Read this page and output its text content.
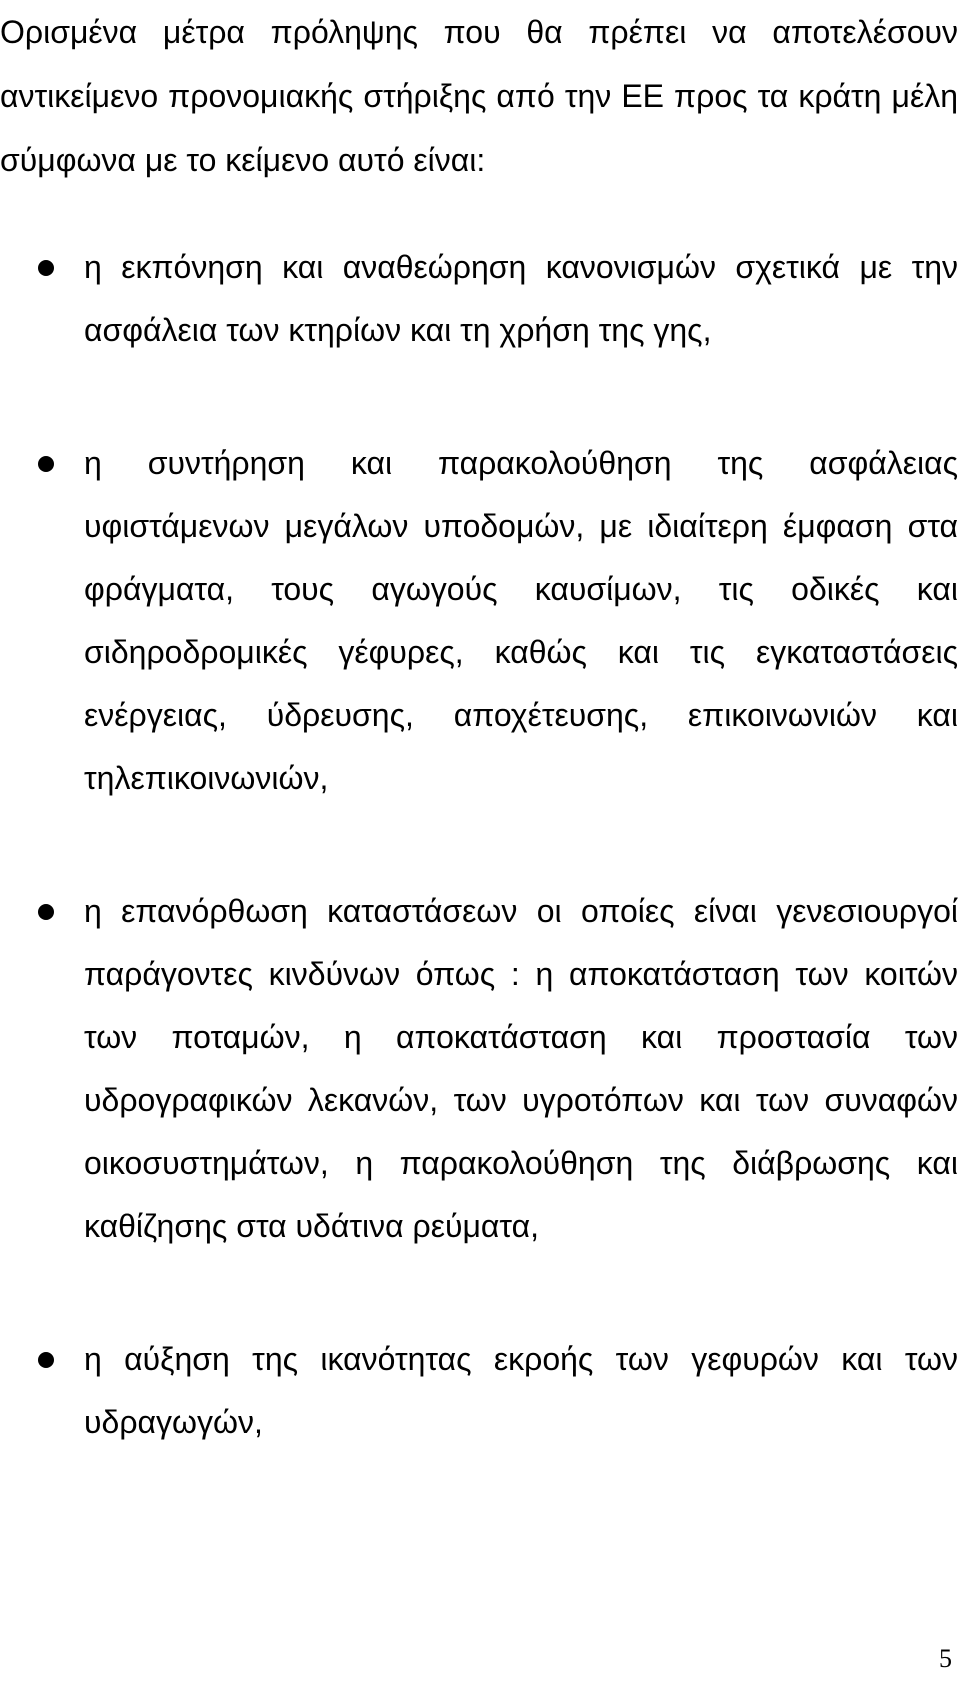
Ορισμένα μέτρα πρόληψης που θα πρέπει να αποτελέσουν αντικείμενο προνομιακής στήριξης από την ΕΕ προς τα κράτη μέλη σύμφωνα με το κείμενο αυτό είναι:

η εκπόνηση και αναθεώρηση κανονισμών σχετικά με την ασφάλεια των κτηρίων και τη χρήση της γης,
η συντήρηση και παρακολούθηση της ασφάλειας υφιστάμενων μεγάλων υποδομών, με ιδιαίτερη έμφαση στα φράγματα, τους αγωγούς καυσίμων, τις οδικές και σιδηροδρομικές γέφυρες, καθώς και τις εγκαταστάσεις ενέργειας, ύδρευσης, αποχέτευσης, επικοινωνιών και τηλεπικοινωνιών,
η επανόρθωση καταστάσεων οι οποίες είναι γενεσιουργοί παράγοντες κινδύνων όπως : η αποκατάσταση των κοιτών των ποταμών, η αποκατάσταση και προστασία των υδρογραφικών λεκανών, των υγροτόπων και των συναφών οικοσυστημάτων, η παρακολούθηση της διάβρωσης και καθίζησης στα υδάτινα ρεύματα,
η αύξηση της ικανότητας εκροής των γεφυρών και των υδραγωγών,
5
